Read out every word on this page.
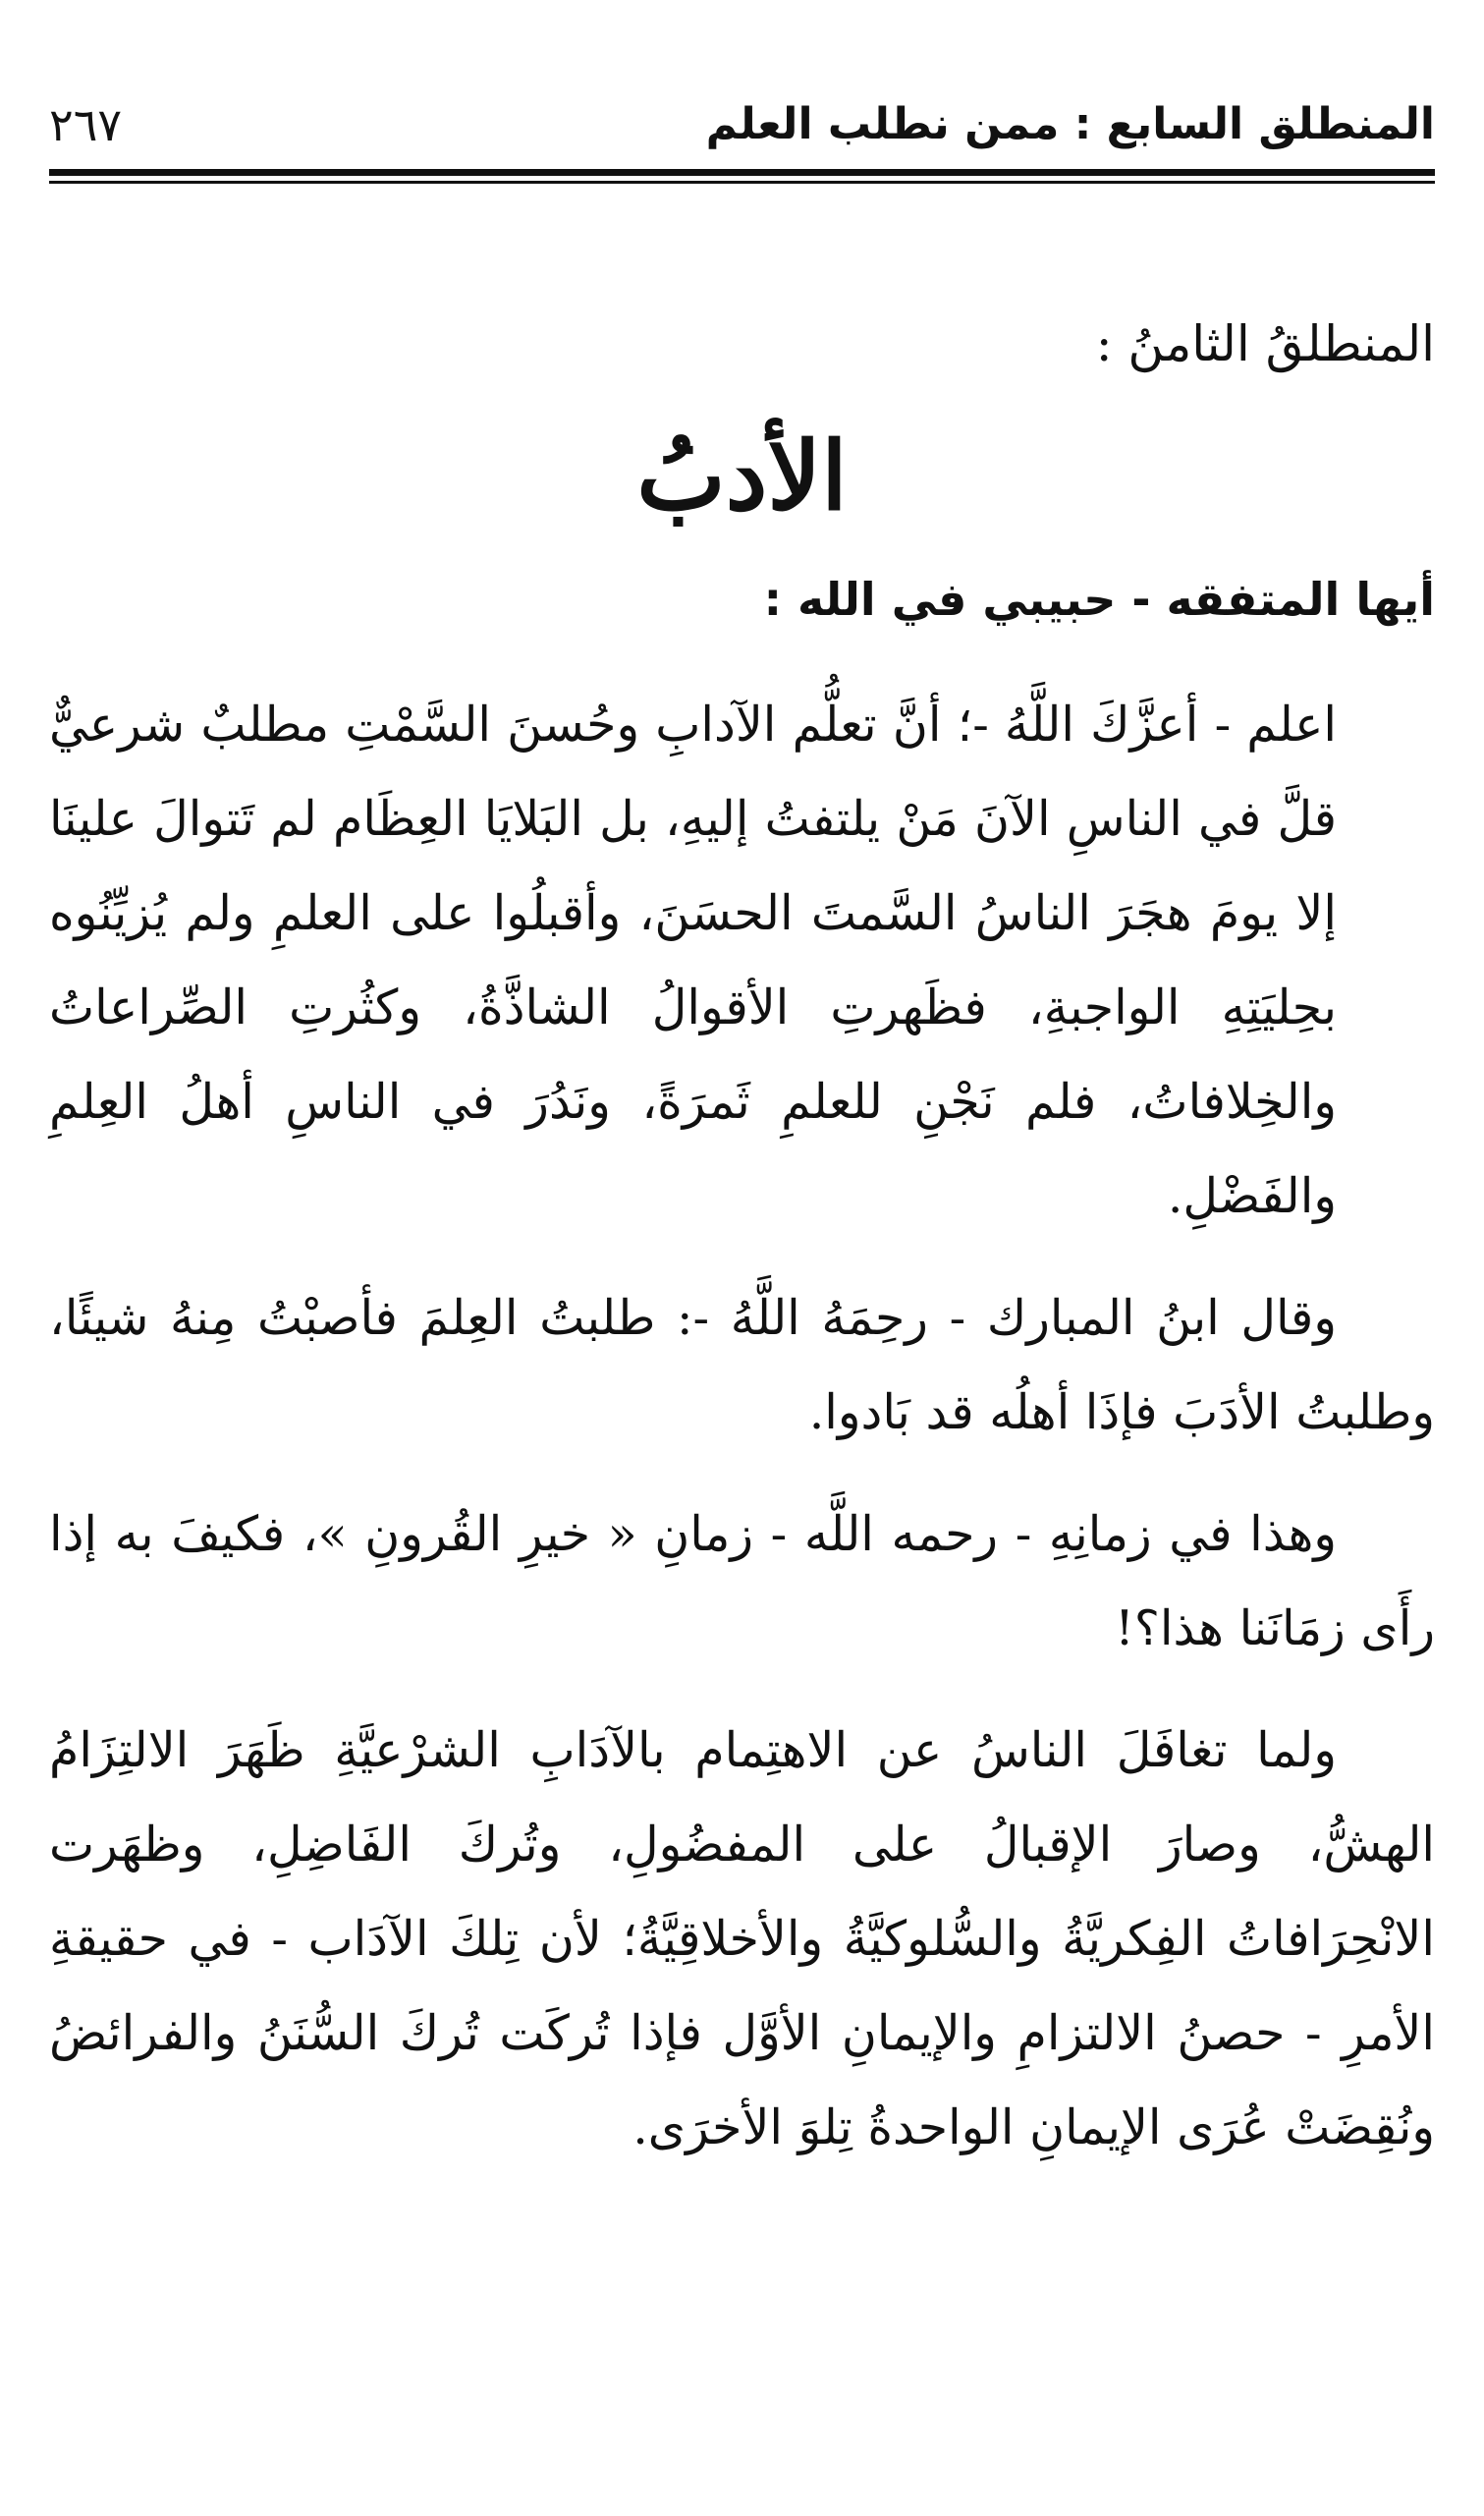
المنطلق السابع : ممن نطلب العلم
٢٦٧

المنطلقُ الثامنُ :

الأدبُ

أيها المتفقه - حبيبي في الله :

اعلم - أعزَّكَ اللَّهُ -؛ أنَّ تعلُّم الآدابِ وحُسنَ السَّمْتِ مطلبٌ شرعيٌّ قلَّ في الناسِ الآنَ مَنْ يلتفتُ إليهِ، بل البَلايَا العِظَام لم تَتوالَ علينَا إلا يومَ هجَرَ الناسُ السَّمتَ الحسَنَ، وأقبلُوا على العلمِ ولم يُزيِّنُوه بحِليَتِهِ الواجبةِ، فظَهرتِ الأقوالُ الشاذَّةُ، وكثُرتِ الصِّراعاتُ والخِلافاتُ، فلم نَجْنِ للعلمِ ثَمرَةً، ونَدُرَ في الناسِ أهلُ العِلمِ والفَضْلِ.

وقال ابنُ المبارك - رحِمَهُ اللَّهُ -: طلبتُ العِلمَ فأصبْتُ مِنهُ شيئًا، وطلبتُ الأدَبَ فإذَا أهلُه قد بَادوا.

وهذا في زمانِهِ - رحمه اللَّه - زمانِ « خيرِ القُرونِ »، فكيفَ به إذا رأَى زمَانَنا هذا؟!

ولما تغافَلَ الناسُ عن الاهتِمام بالآدَابِ الشرْعيَّةِ ظَهَرَ الالتِزَامُ الهشُّ، وصارَ الإقبالُ على المفضُولِ، وتُركَ الفَاضِلِ، وظهَرت الانْحِرَافاتُ الفِكريَّةُ والسُّلوكيَّةُ والأخلاقِيَّةُ؛ لأن تِلكَ الآدَاب - في حقيقةِ الأمرِ - حصنُ الالتزامِ والإيمانِ الأوَّل فإذا تُركَت تُركَ السُّنَنُ والفرائضُ ونُقِضَتْ عُرَى الإيمانِ الواحدةُ تِلوَ الأخرَى.
